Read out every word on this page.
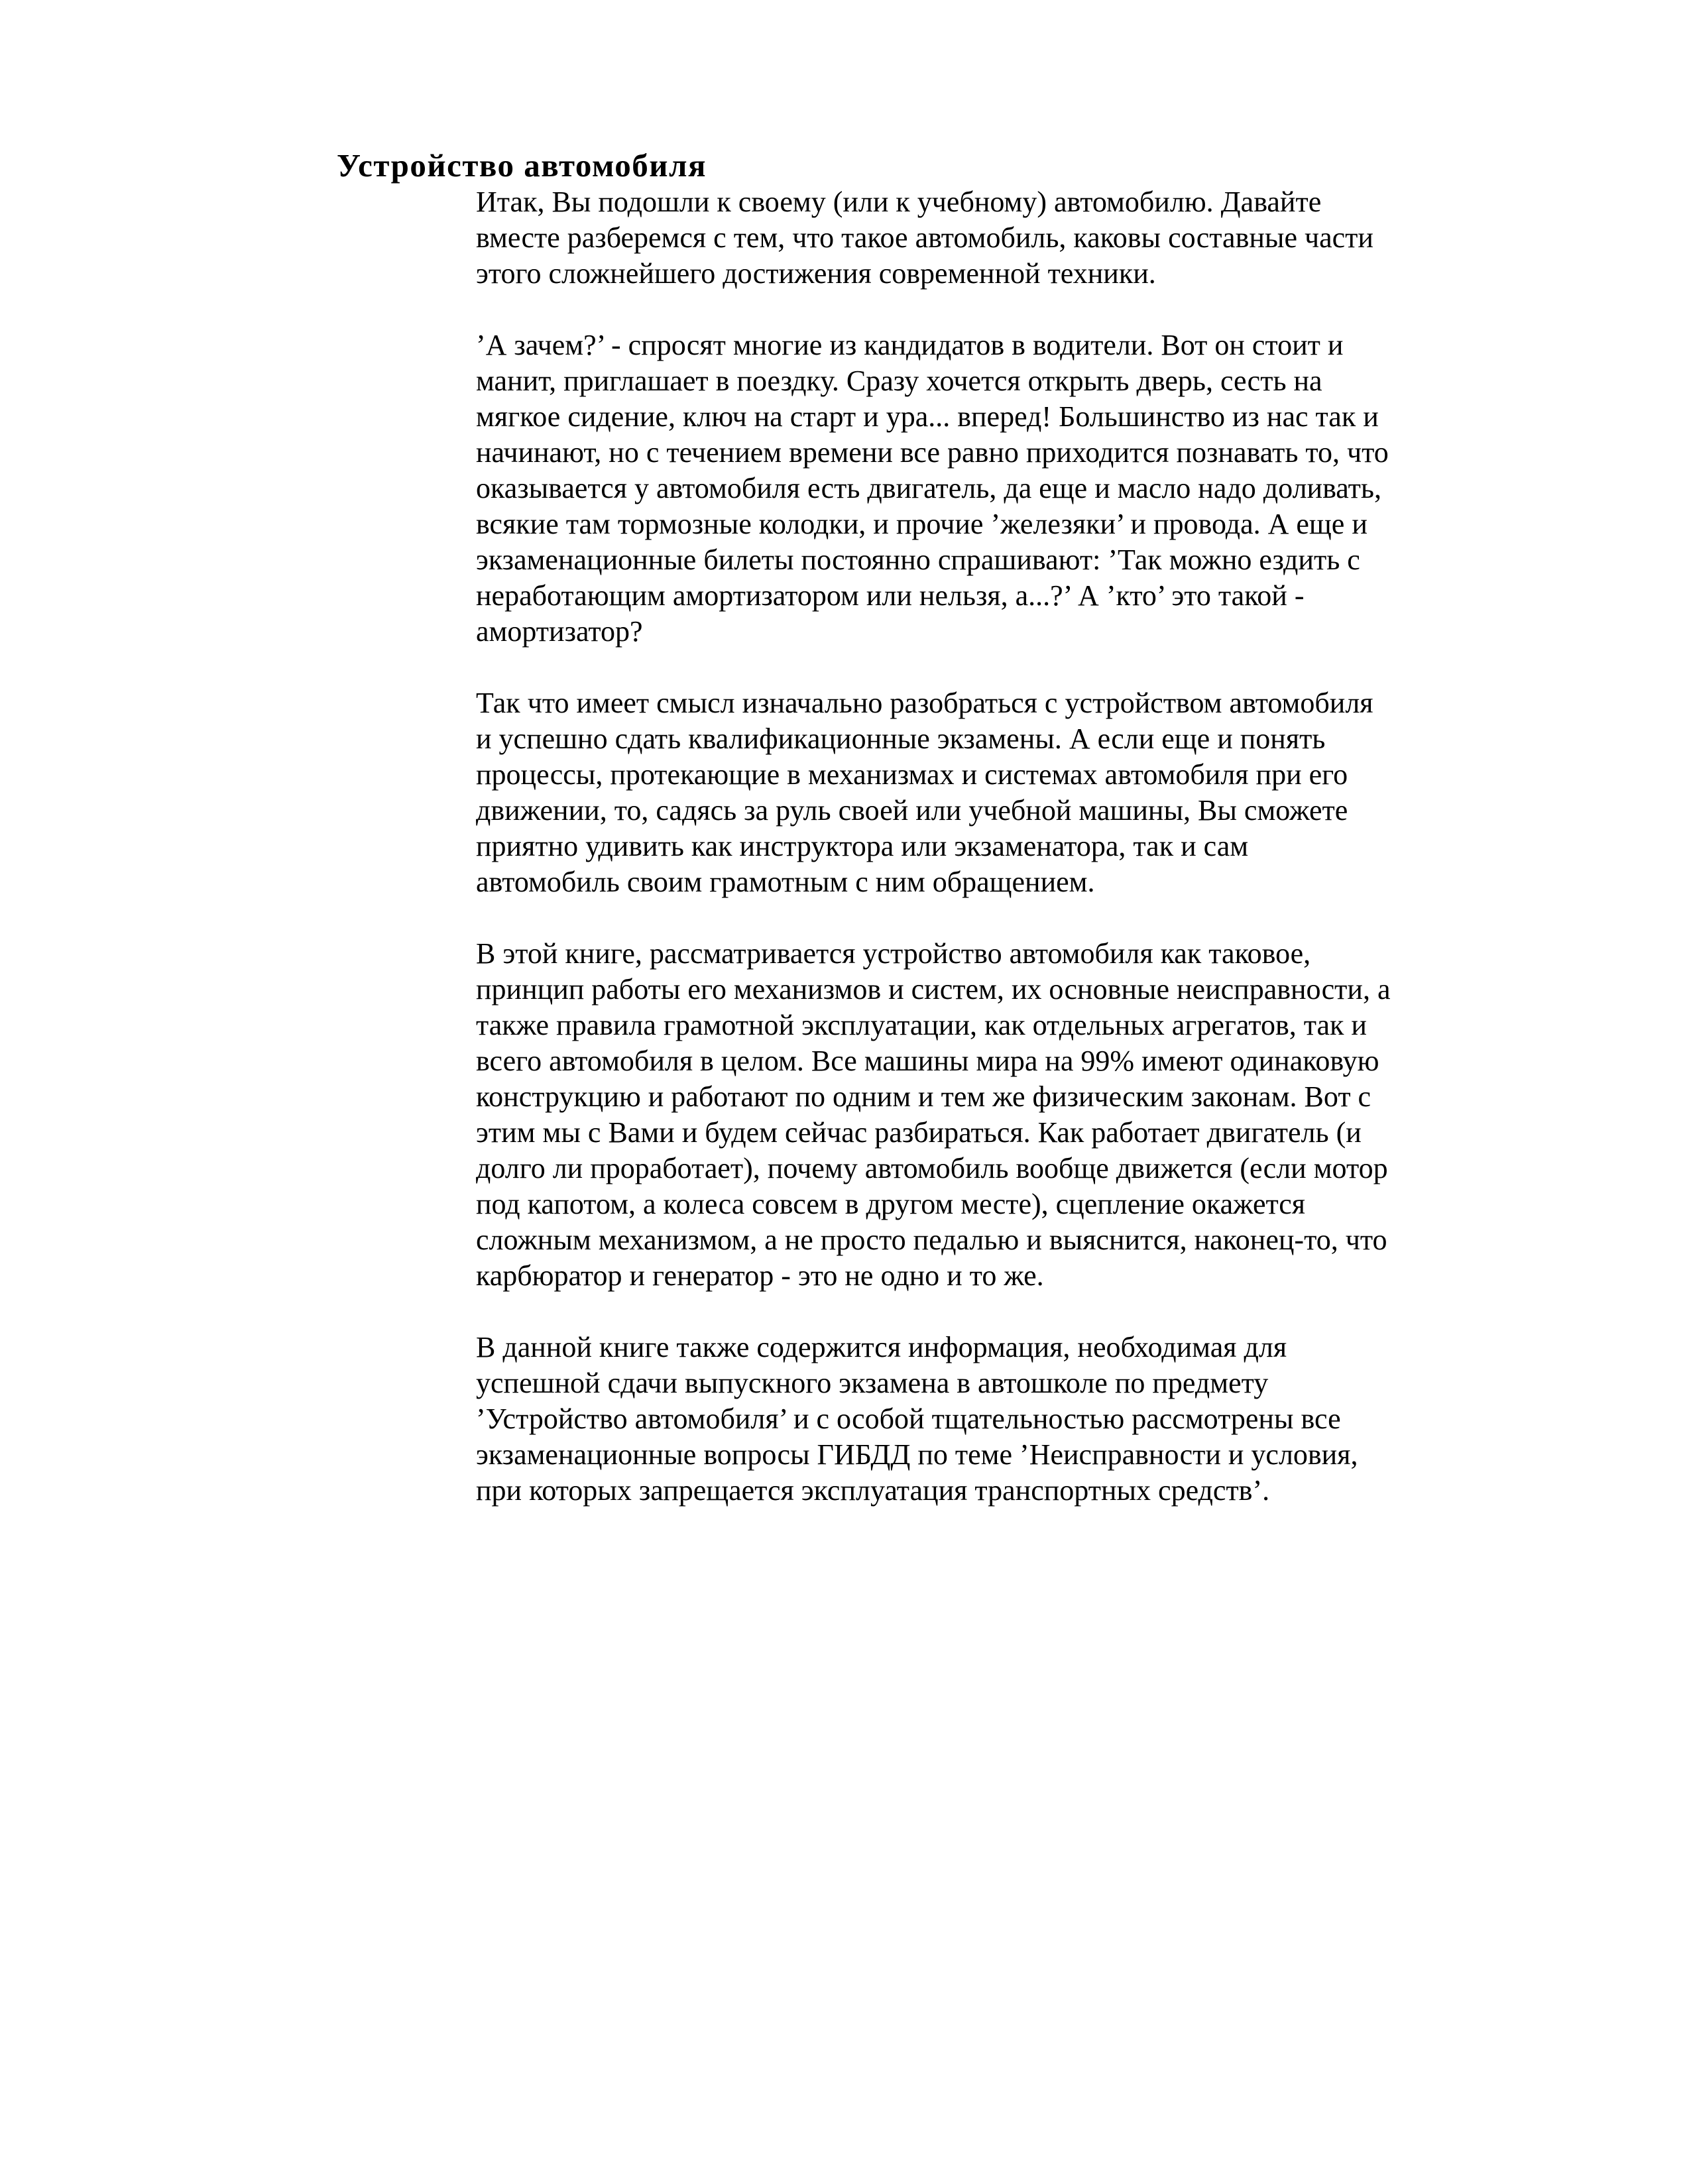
Устройство автомобиля

Итак, Вы подошли к своему (или к учебному) автомобилю. Давайте
вместе разберемся с тем, что такое автомобиль, каковы составные части
этого сложнейшего достижения современной техники.

’А зачем?’ - спросят многие из кандидатов в водители. Вот он стоит и
манит, приглашает в поездку. Сразу хочется открыть дверь, сесть на
мягкое сидение, ключ на старт и ура... вперед! Большинство из нас так и
начинают, но с течением времени все равно приходится познавать то, что
оказывается у автомобиля есть двигатель, да еще и масло надо доливать,
всякие там тормозные колодки, и прочие ’железяки’ и провода. А еще и
экзаменационные билеты постоянно спрашивают: ’Так можно ездить с
неработающим амортизатором или нельзя, а...?’ А ’кто’ это такой -
амортизатор?

Так что имеет смысл изначально разобраться с устройством автомобиля
и успешно сдать квалификационные экзамены. А если еще и понять
процессы, протекающие в механизмах и системах автомобиля при его
движении, то, садясь за руль своей или учебной машины, Вы сможете
приятно удивить как инструктора или экзаменатора, так и сам
автомобиль своим грамотным с ним обращением.

В этой книге, рассматривается устройство автомобиля как таковое,
принцип работы его механизмов и систем, их основные неисправности, а
также правила грамотной эксплуатации, как отдельных агрегатов, так и
всего автомобиля в целом. Все машины мира на 99% имеют одинаковую
конструкцию и работают по одним и тем же физическим законам. Вот с
этим мы с Вами и будем сейчас разбираться. Как работает двигатель (и
долго ли проработает), почему автомобиль вообще движется (если мотор
под капотом, а колеса совсем в другом месте), сцепление окажется
сложным механизмом, а не просто педалью и выяснится, наконец-то, что
карбюратор и генератор - это не одно и то же.

В данной книге также содержится информация, необходимая для
успешной сдачи выпускного экзамена в автошколе по предмету
’Устройство автомобиля’ и с особой тщательностью рассмотрены все
экзаменационные вопросы ГИБДД по теме ’Неисправности и условия,
при которых запрещается эксплуатация транспортных средств’.
